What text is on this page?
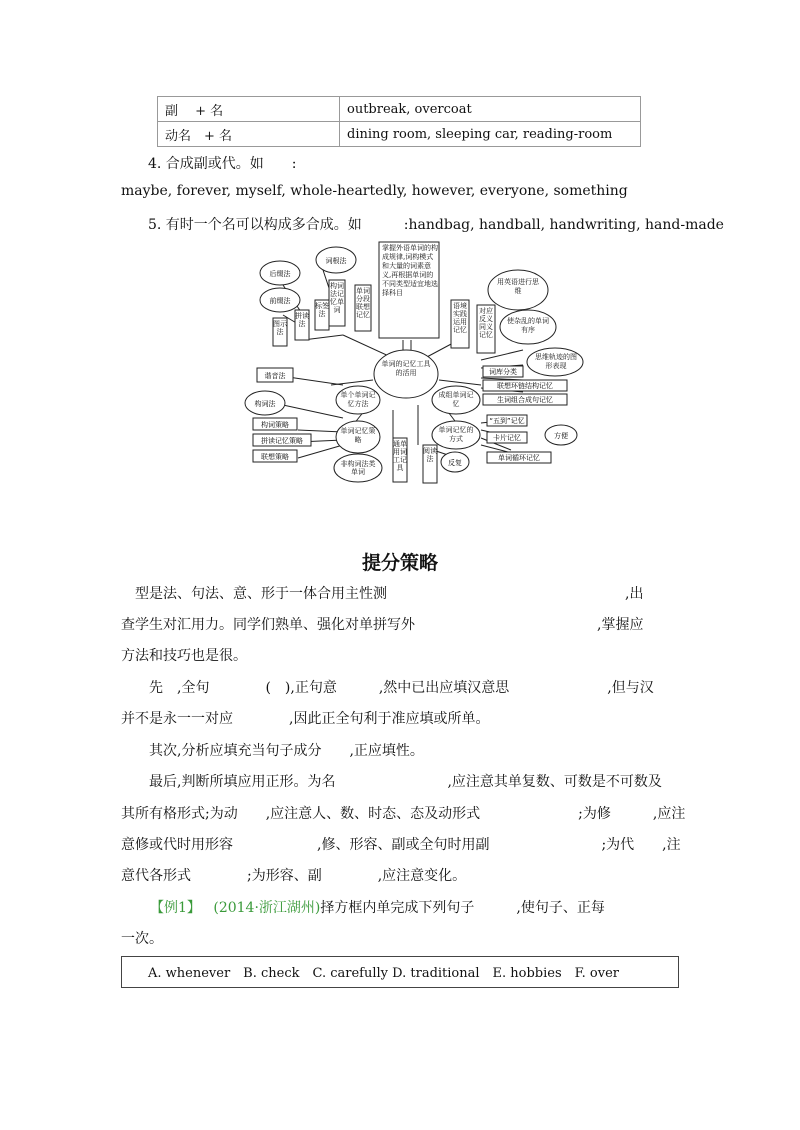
副　 + 名	outbreak, overcoat
动名　+ 名	dining room, sleeping car, reading-room
4. 合成副或代。如　　:
maybe, forever, myself, whole-heartedly, however, everyone, something
5. 有时一个名可以构成多合成。如　　　:handbag, handball, handwriting, hand-made
掌握外语单词的构成规律,词构模式和大量的词素意义,再根据单词的不同类型适宜地选择科目
单词的记忆工具的活用
单个单词记忆方法
成组单词记忆
单词记忆策略
单词记忆的方式
后缀法
前缀法
词根法
构词法
构词法记忆单词
单词分段联想记忆
图示法
拼读法
谐音法
标签法
构词策略
拼读记忆策略
联想策略
非构词法类单词
通单用词工记具
阅读法	反复
用英语进行思维
使杂乱的单词有序
思维轨迹的图形表现
方便
语境实践运用记忆
对应反义同义记忆
词库分类
联想环链结构记忆
生词组合成句记忆
“五到”记忆
卡片记忆
单词循环记忆
提分策略
　型是法、句法、意、形于一体合用主性测　　　　　　　　　　　　　　　　　,出
查学生对汇用力。同学们熟单、强化对单拼写外　　　　　　　　　　　　　,掌握应
方法和技巧也是很。
　　先　,全句　　　　(　),正句意　　　,然中已出应填汉意思　　　　　　　,但与汉
并不是永一一对应　　　　,因此正全句利于准应填或所单。
　　其次,分析应填充当句子成分　　,正应填性。
　　最后,判断所填应用正形。为名　　　　　　　　,应注意其单复数、可数是不可数及
其所有格形式;为动　　,应注意人、数、时态、态及动形式　　　　　　　;为修　　　,应注
意修或代时用形容　　　　　　,修、形容、副或全句时用副　　　　　　　　;为代　　,注
意代各形式　　　　;为形容、副　　　　,应注意变化。
【例1】 (2014·浙江湖州)择方框内单完成下列句子　　　,使句子、正每
一次。
A. whenever　B. check　C. carefully D. traditional　E. hobbies　F. over
